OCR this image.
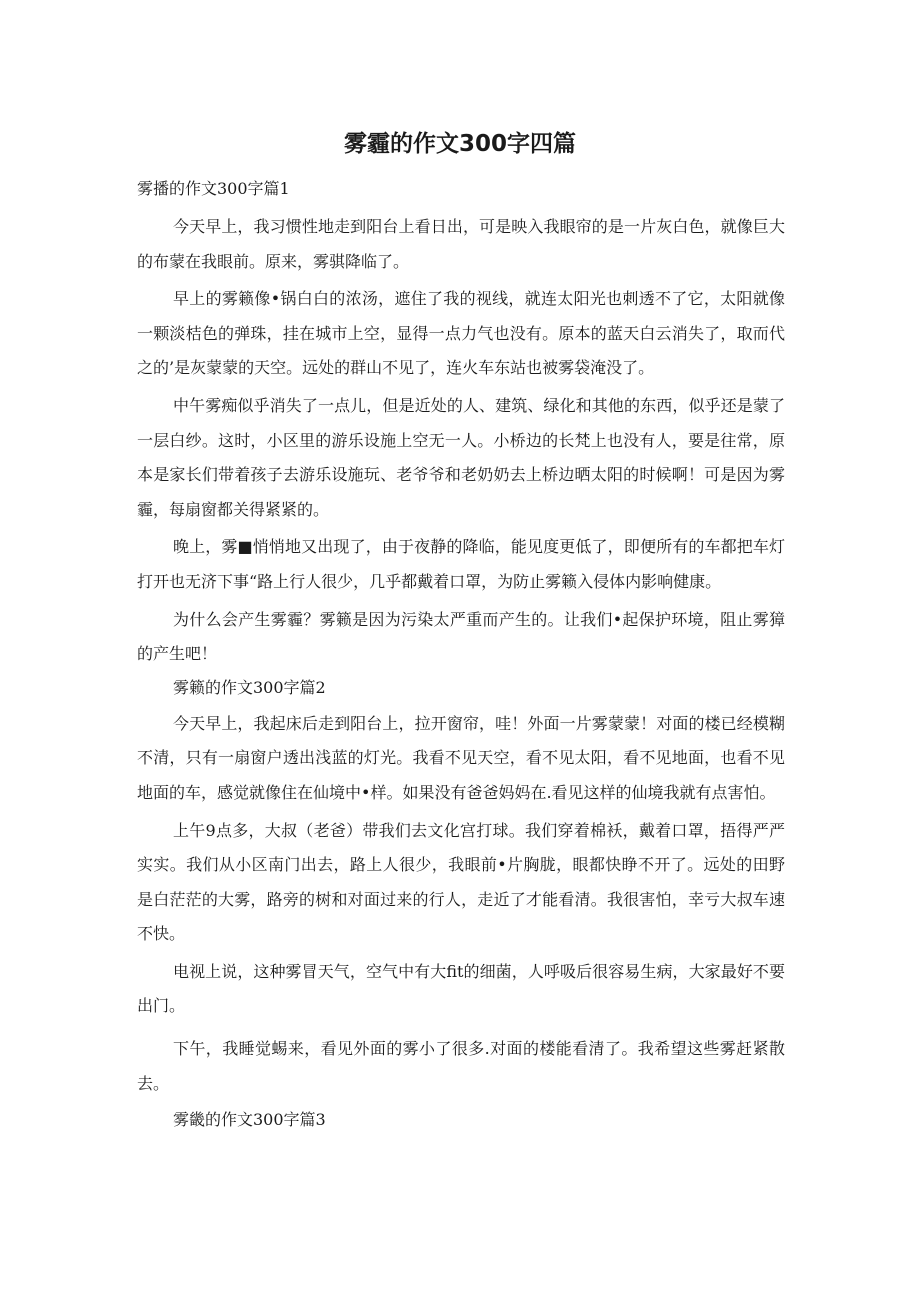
雾霾的作文300字四篇
雾播的作文300字篇1

今天早上，我习惯性地走到阳台上看日出，可是映入我眼帘的是一片灰白色，就像巨大的布蒙在我眼前。原来，雾骐降临了。

早上的雾籁像•锅白白的浓汤，遮住了我的视线，就连太阳光也刺透不了它，太阳就像一颗淡桔色的弹珠，挂在城市上空，显得一点力气也没有。原本的蓝天白云消失了，取而代之的’是灰蒙蒙的天空。远处的群山不见了，连火车东站也被雾袋淹没了。

中午雾痴似乎消失了一点儿，但是近处的人、建筑、绿化和其他的东西，似乎还是蒙了一层白纱。这时，小区里的游乐设施上空无一人。小桥边的长梵上也没有人，要是往常，原本是家长们带着孩子去游乐设施玩、老爷爷和老奶奶去上桥边晒太阳的时候啊！可是因为雾霾，每扇窗都关得紧紧的。

晚上，雾■悄悄地又出现了，由于夜静的降临，能见度更低了，即便所有的车都把车灯打开也无济下事“路上行人很少，几乎都戴着口罩，为防止雾籁入侵体内影响健康。

为什么会产生雾霾？雾籁是因为污染太严重而产生的。让我们•起保护环境，阻止雾獐的产生吧！

雾籁的作文300字篇2

今天早上，我起床后走到阳台上，拉开窗帘，哇！外面一片雾蒙蒙！对面的楼已经模糊不清，只有一扇窗户透出浅蓝的灯光。我看不见天空，看不见太阳，看不见地面，也看不见地面的车，感觉就像住在仙境中•样。如果没有爸爸妈妈在.看见这样的仙境我就有点害怕。

上午9点多，大叔（老爸）带我们去文化宫打球。我们穿着棉袄，戴着口罩，捂得严严实实。我们从小区南门出去，路上人很少，我眼前•片胸胧，眼都快睁不开了。远处的田野是白茫茫的大雾，路旁的树和对面过来的行人，走近了才能看清。我很害怕，幸亏大叔车速不快。

电视上说，这种雾冒天气，空气中有大fit的细菌，人呼吸后很容易生病，大家最好不要出门。

下午，我睡觉蜴来，看见外面的雾小了很多.对面的楼能看清了。我希望这些雾赶紧散去。

雾畿的作文300字篇3
